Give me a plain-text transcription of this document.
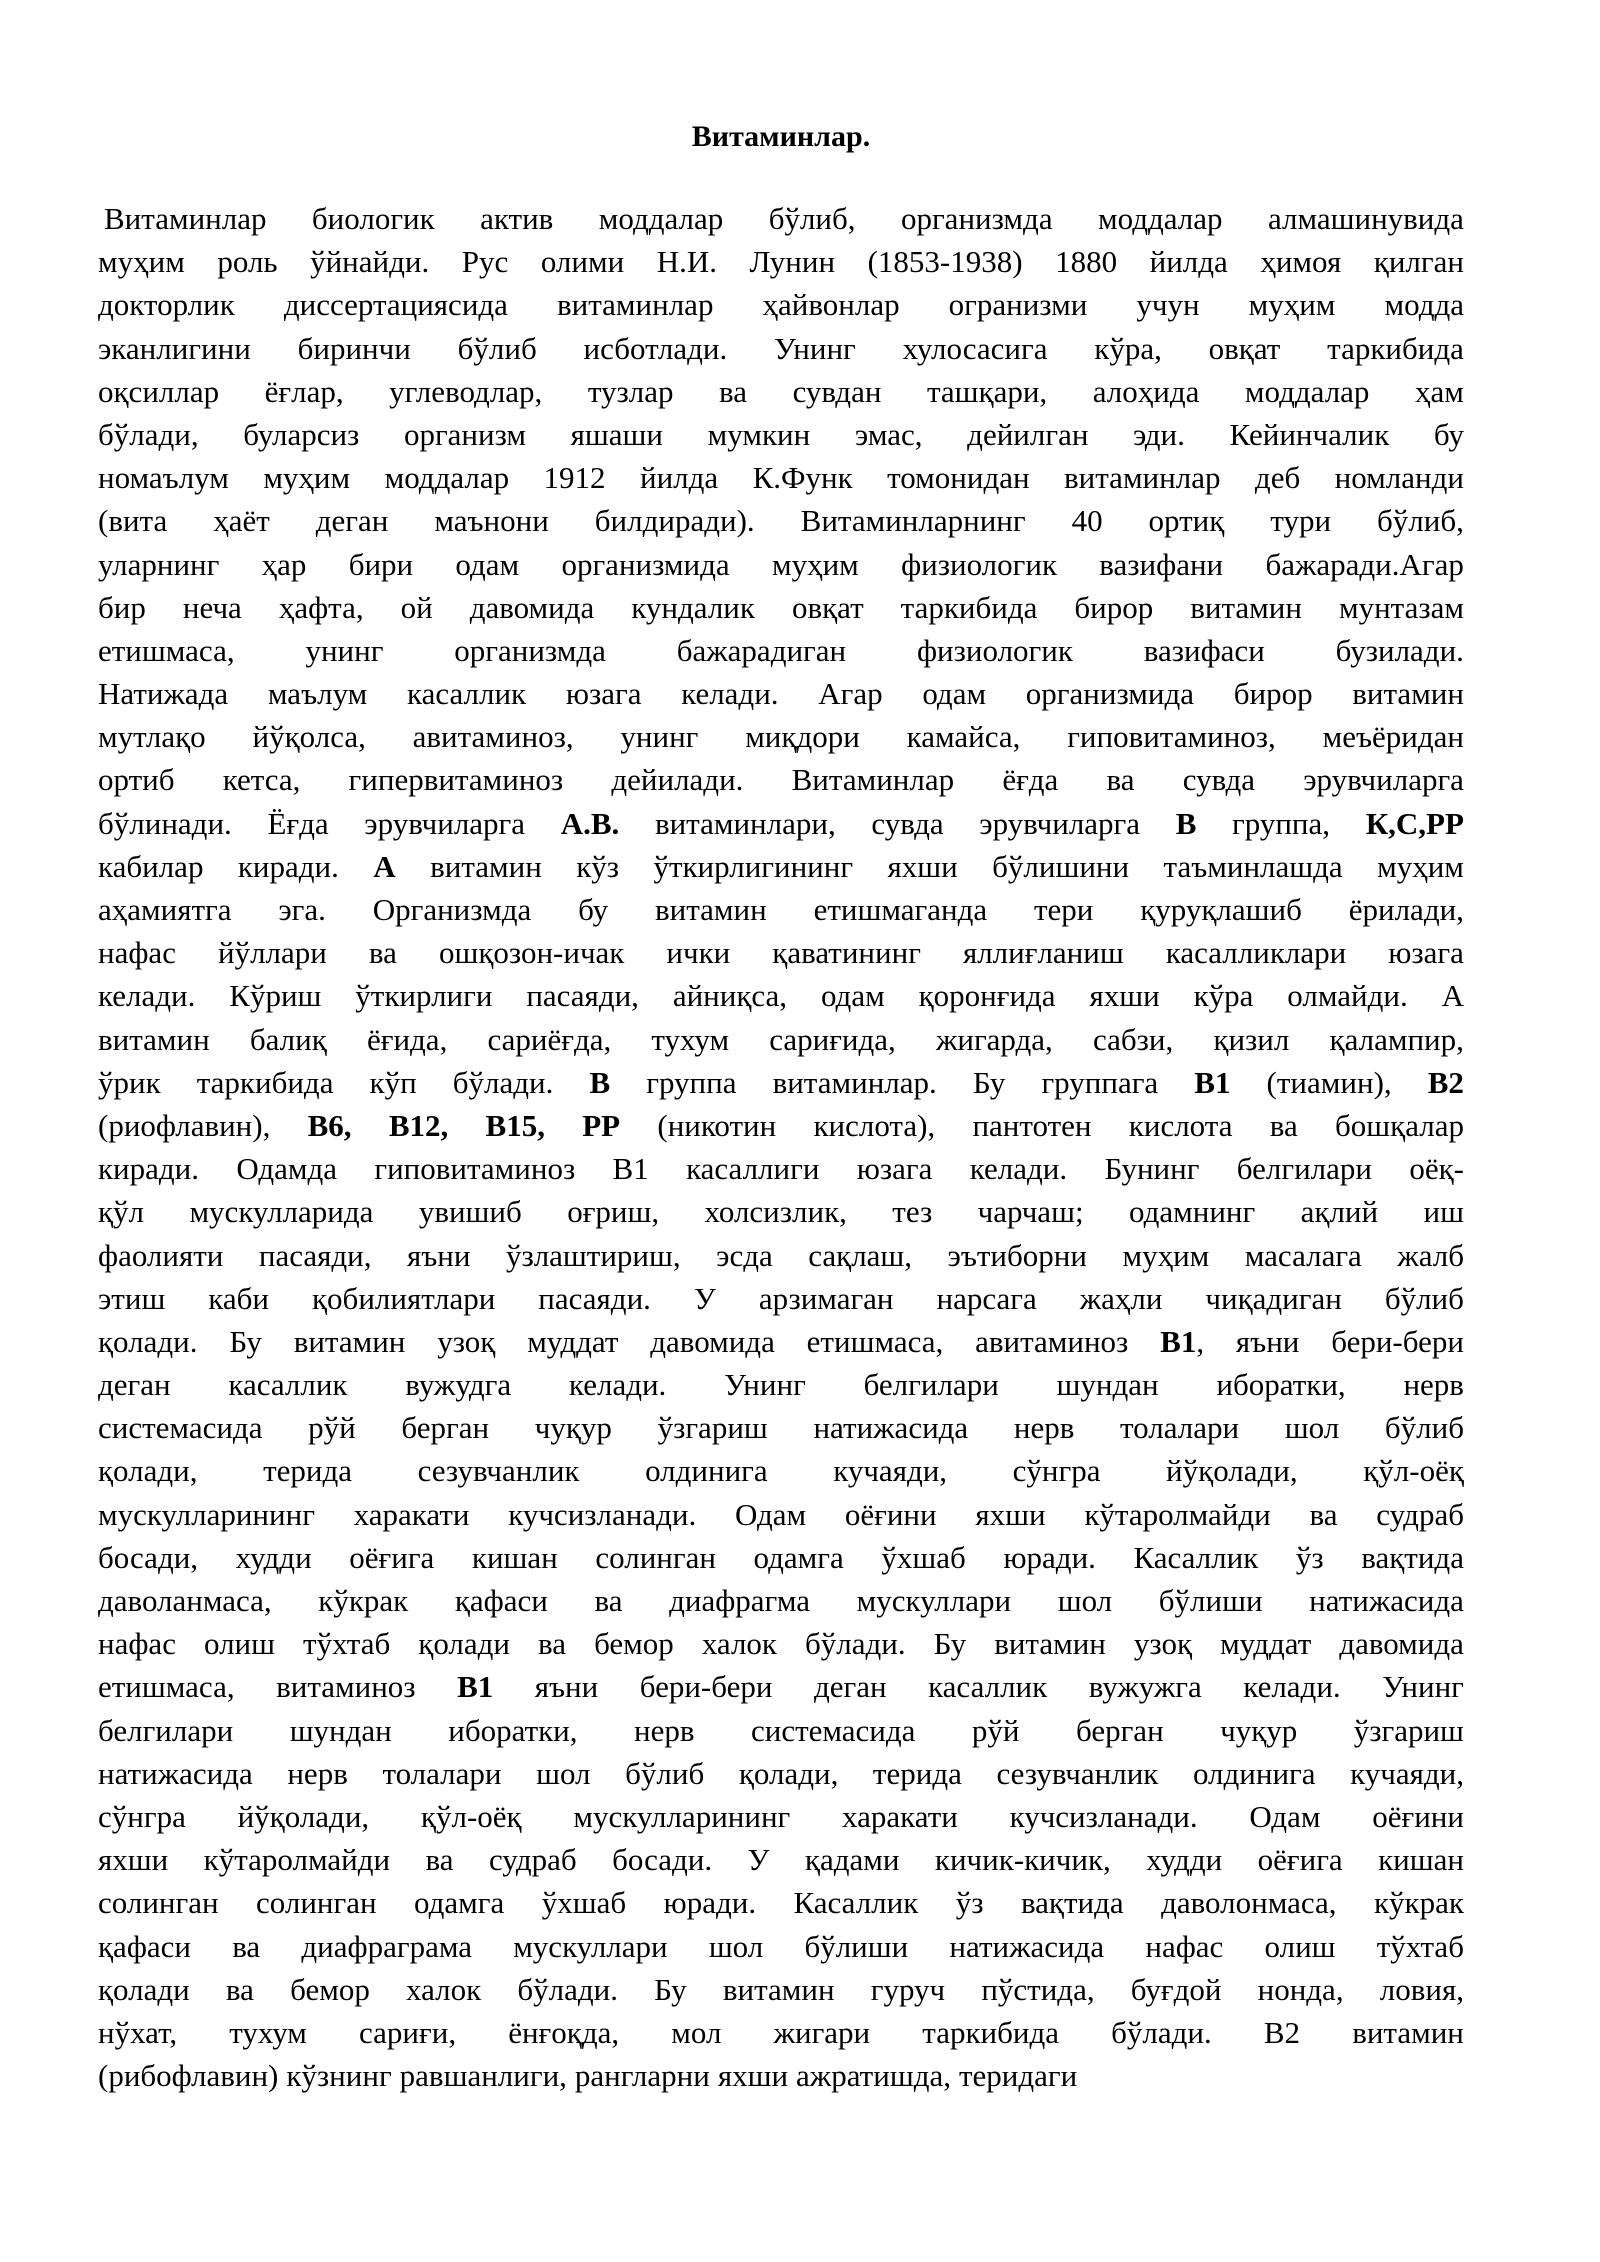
Витаминлар.
Витаминлар биологик актив моддалар бўлиб, организмда моддалар алмашинувида
муҳим роль ўйнайди. Рус олими Н.И. Лунин (1853-1938) 1880 йилда ҳимоя қилган
докторлик диссертациясида витаминлар ҳайвонлар огранизми учун муҳим модда
эканлигини биринчи бўлиб исботлади. Унинг хулосасига кўра, овқат таркибида
оқсиллар ёғлар, углеводлар, тузлар ва сувдан ташқари, алоҳида моддалар ҳам
бўлади, буларсиз организм яшаши мумкин эмас, дейилган эди. Кейинчалик бу
номаълум муҳим моддалар 1912 йилда К.Функ томонидан витаминлар деб номланди
(вита ҳаёт деган маънони билдиради). Витаминларнинг 40 ортиқ тури бўлиб,
уларнинг ҳар бири одам организмида муҳим физиологик вазифани бажаради.Агар
бир неча ҳафта, ой давомида кундалик овқат таркибида бирор витамин мунтазам
етишмаса, унинг организмда бажарадиган физиологик вазифаси бузилади.
Натижада маълум касаллик юзага келади. Агар одам организмида бирор витамин
мутлақо йўқолса, авитаминоз, унинг миқдори камайса, гиповитаминоз, меъёридан
ортиб кетса, гипервитаминоз дейилади. Витаминлар ёғда ва сувда эрувчиларга
бўлинади. Ёғда эрувчиларга А.В. витаминлари, сувда эрувчиларга В группа, К,С,РР
кабилар киради. А витамин кўз ўткирлигининг яхши бўлишини таъминлашда муҳим
аҳамиятга эга. Организмда бу витамин етишмаганда тери қуруқлашиб ёрилади,
нафас йўллари ва ошқозон-ичак ички қаватининг яллиғланиш касалликлари юзага
келади. Кўриш ўткирлиги пасаяди, айниқса, одам қоронғида яхши кўра олмайди. А
витамин балиқ ёғида, сариёғда, тухум сариғида, жигарда, сабзи, қизил қалампир,
ўрик таркибида кўп бўлади. В группа витаминлар. Бу группага В1 (тиамин), В2
(риофлавин), В6, В12, В15, РР (никотин кислота), пантотен кислота ва бошқалар
киради. Одамда гиповитаминоз В1 касаллиги юзага келади. Бунинг белгилари оёқ-
қўл мускулларида увишиб оғриш, холсизлик, тез чарчаш; одамнинг ақлий иш
фаолияти пасаяди, яъни ўзлаштириш, эсда сақлаш, эътиборни муҳим масалага жалб
этиш каби қобилиятлари пасаяди. У арзимаган нарсага жаҳли чиқадиган бўлиб
қолади. Бу витамин узоқ муддат давомида етишмаса, авитаминоз В1, яъни бери-бери
деган касаллик вужудга келади. Унинг белгилари шундан иборатки, нерв
системасида рўй берган чуқур ўзгариш натижасида нерв толалари шол бўлиб
қолади, терида сезувчанлик олдинига кучаяди, сўнгра йўқолади, қўл-оёқ
мускулларининг харакати кучсизланади. Одам оёғини яхши кўтаролмайди ва судраб
босади, худди оёғига кишан солинган одамга ўхшаб юради. Касаллик ўз вақтида
даволанмаса, кўкрак қафаси ва диафрагма мускуллари шол бўлиши натижасида
нафас олиш тўхтаб қолади ва бемор халок бўлади. Бу витамин узоқ муддат давомида
етишмаса, витаминоз В1 яъни бери-бери деган касаллик вужужга келади. Унинг
белгилари шундан иборатки, нерв системасида рўй берган чуқур ўзгариш
натижасида нерв толалари шол бўлиб қолади, терида сезувчанлик олдинига кучаяди,
сўнгра йўқолади, қўл-оёқ мускулларининг харакати кучсизланади. Одам оёғини
яхши кўтаролмайди ва судраб босади. У қадами кичик-кичик, худди оёғига кишан
солинган солинган одамга ўхшаб юради. Касаллик ўз вақтида даволонмаса, кўкрак
қафаси ва диафраграма мускуллари шол бўлиши натижасида нафас олиш тўхтаб
қолади ва бемор халок бўлади. Бу витамин гуруч пўстида, буғдой нонда, ловия,
нўхат, тухум сариғи, ёнғоқда, мол жигари таркибида бўлади. В2 витамин
(рибофлавин) кўзнинг равшанлиги, рангларни яхши ажратишда, теридаги
